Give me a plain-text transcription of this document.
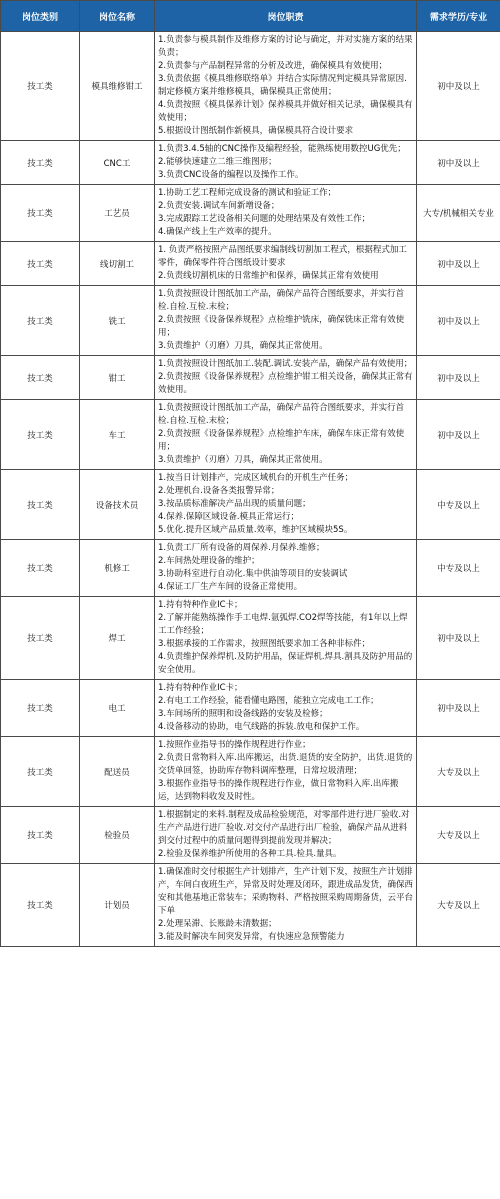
岗位类别	岗位名称	岗位职责	需求学历/专业
技工类	模具维修钳工	1.负责参与模具制作及维修方案的讨论与确定，并对实施方案的结果负责；
2.负责参与产品制程异常的分析及改进，确保模具有效使用；
3.负责依据《模具维修联络单》并结合实际情况判定模具异常原因.制定修模方案并维修模具，确保模具正常使用；
4.负责按照《模具保养计划》保养模具并做好相关记录，确保模具有效使用；
5.根据设计图纸制作新模具，确保模具符合设计要求	初中及以上
技工类	CNC工	1.负责3.4.5轴的CNC操作及编程经验，能熟练使用数控UG优先；
2.能够快速建立二维三维图形；
3.负责CNC设备的编程以及操作工作。	初中及以上
技工类	工艺员	1.协助工艺工程师完成设备的测试和验证工作；
2.负责安装.调试车间新增设备；
3.完成跟踪工艺设备相关问题的处理结果及有效性工作；
4.确保产线上生产效率的提升。	大专/机械相关专业
技工类	线切割工	1. 负责严格按照产品图纸要求编制线切割加工程式，根据程式加工零件，确保零件符合图纸设计要求
2.负责线切割机床的日常维护和保养，确保其正常有效使用	初中及以上
技工类	铣工	1.负责按照设计图纸加工产品，确保产品符合图纸要求，并实行首检.自检.互检.末检；
2.负责按照《设备保养规程》点检维护铣床，确保铣床正常有效使用；
3.负责维护（刃磨）刀具，确保其正常使用。	初中及以上
技工类	钳工	1.负责按照设计图纸加工.装配.调试.安装产品，确保产品有效使用；
2.负责按照《设备保养规程》点检维护钳工相关设备，确保其正常有效使用。	初中及以上
技工类	车工	1.负责按照设计图纸加工产品，确保产品符合图纸要求，并实行首检.自检.互检.末检；
2.负责按照《设备保养规程》点检维护车床，确保车床正常有效使用；
3.负责维护（刃磨）刀具，确保其正常使用。	初中及以上
技工类	设备技术员	1.按当日计划排产，完成区域机台的开机生产任务；
2.处理机台.设备各类报警异常；
3.按品质标准解决产品出现的质量问题；
4.保养.保障区域设备.模具正常运行；
5.优化.提升区域产品质量.效率，维护区域模块5S。	中专及以上
技工类	机修工	1.负责工厂所有设备的周保养.月保养.维修；
2.车间热处理设备的维护；
3.协助科室进行自动化.集中供油等项目的安装调试
4.保证工厂生产车间的设备正常使用。	中专及以上
技工类	焊工	1.持有特种作业IC卡；
2.了解并能熟练操作手工电焊.氩弧焊.CO2焊等技能，有1年以上焊工工作经验；
3.根据承接的工作需求，按照图纸要求加工各种非标件；
4.负责维护保养焊机.及防护用品，保证焊机.焊具.割具及防护用品的安全使用。	初中及以上
技工类	电工	1.持有特种作业IC卡；
2.有电工工作经验，能看懂电路图，能独立完成电工工作；
3.车间场所的照明和设备线路的安装及检修；
4.设备移动的协助，电气线路的拆装.放电和保护工作。	初中及以上
技工类	配送员	1.按照作业指导书的操作规程进行作业；
2.负责日常物料入库.出库搬运，出货.退货的安全防护，出货.退货的交货单回签，协助库存物料调库整理，日常垃圾清理；
3.根据作业指导书的操作规程进行作业，做日常物料入库.出库搬运，达到物料收发及时性。	大专及以上
技工类	检验员	1.根据制定的来料.制程及成品检验规范，对零部件进行进厂验收.对生产产品进行进厂验收.对交付产品进行出厂检验，确保产品从进料到交付过程中的质量问题得到提前发现并解决；
2.检验及保养维护所使用的各种工具.检具.量具。	大专及以上
技工类	计划员	1.确保准时交付根据生产计划排产，生产计划下发，按照生产计划排产，车间白夜班生产，异常及时处理及闭环，跟进成品发货，确保西安和其他基地正常装车；采购物料、严格按照采购周期备货，云平台下单
2.处理呆滞、长账龄未清数据；
3.能及时解决车间突发异常，有快速应急预警能力	大专及以上
